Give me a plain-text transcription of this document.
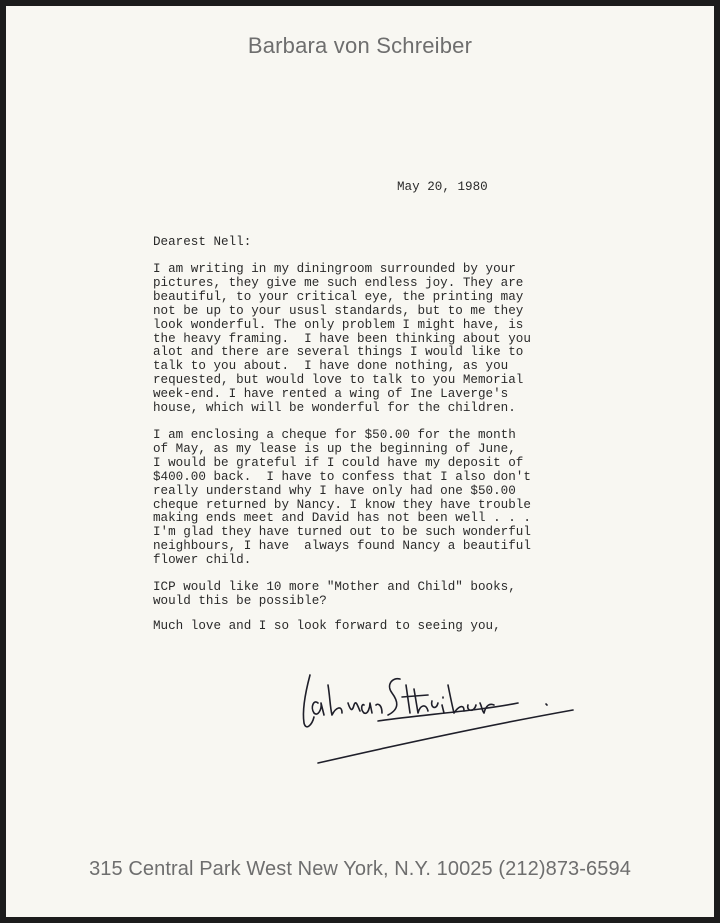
Barbara von Schreiber
May 20, 1980
Dearest Nell:
I am writing in my diningroom surrounded by your
pictures, they give me such endless joy. They are
beautiful, to your critical eye, the printing may
not be up to your ususl standards, but to me they
look wonderful. The only problem I might have, is
the heavy framing.  I have been thinking about you
alot and there are several things I would like to
talk to you about.  I have done nothing, as you
requested, but would love to talk to you Memorial
week-end. I have rented a wing of Ine Laverge's
house, which will be wonderful for the children.
I am enclosing a cheque for $50.00 for the month
of May, as my lease is up the beginning of June,
I would be grateful if I could have my deposit of
$400.00 back.  I have to confess that I also don't
really understand why I have only had one $50.00
cheque returned by Nancy. I know they have trouble
making ends meet and David has not been well . . .
I'm glad they have turned out to be such wonderful
neighbours, I have  always found Nancy a beautiful
flower child.
ICP would like 10 more "Mother and Child" books,
would this be possible?
Much love and I so look forward to seeing you,
315 Central Park West New York, N.Y. 10025 (212)873-6594
